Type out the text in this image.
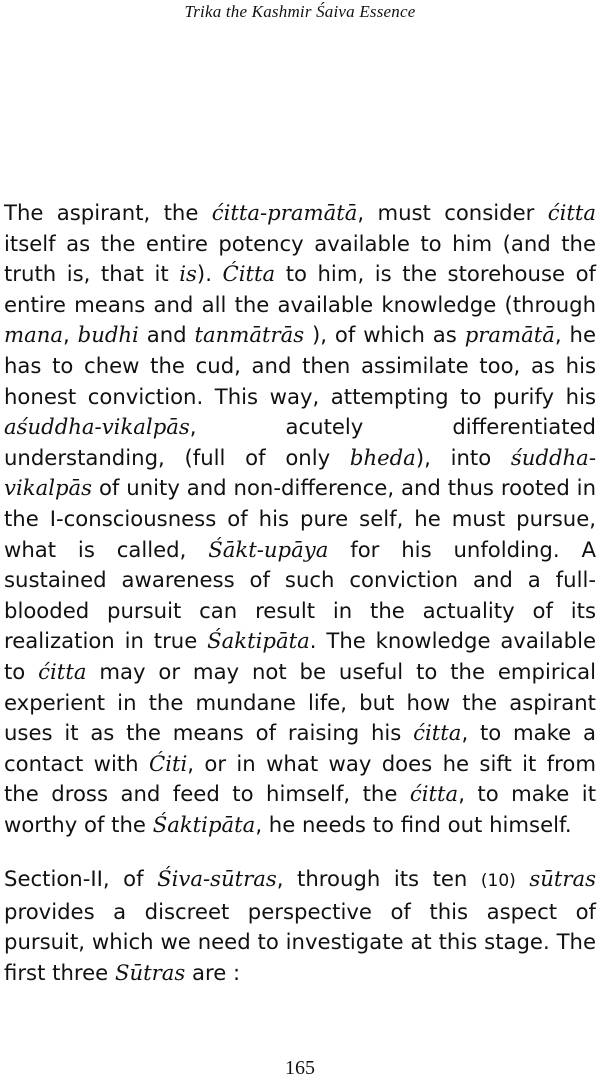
Trika the Kashmir Śaiva Essence

The aspirant, the ćitta-pramātā, must consider ćitta itself as the entire potency available to him (and the truth is, that it is). Ćitta to him, is the storehouse of entire means and all the available knowledge (through mana, budhi and tanmātrās ), of which as pramātā, he has to chew the cud, and then assimilate too, as his honest conviction. This way, attempting to purify his aśuddha-vikalpās, acutely differentiated understanding, (full of only bheda), into śuddha-vikalpās of unity and non-difference, and thus rooted in the I-consciousness of his pure self, he must pursue, what is called, Śākt-upāya for his unfolding. A sustained awareness of such conviction and a full-blooded pursuit can result in the actuality of its realization in true Śaktipāta. The knowledge available to ćitta may or may not be useful to the empirical experient in the mundane life, but how the aspirant uses it as the means of raising his ćitta, to make a contact with Ćiti, or in what way does he sift it from the dross and feed to himself, the ćitta, to make it worthy of the Śaktipāta, he needs to find out himself.

Section-II, of Śiva-sūtras, through its ten (10) sūtras provides a discreet perspective of this aspect of pursuit, which we need to investigate at this stage. The first three Sūtras are :

165
